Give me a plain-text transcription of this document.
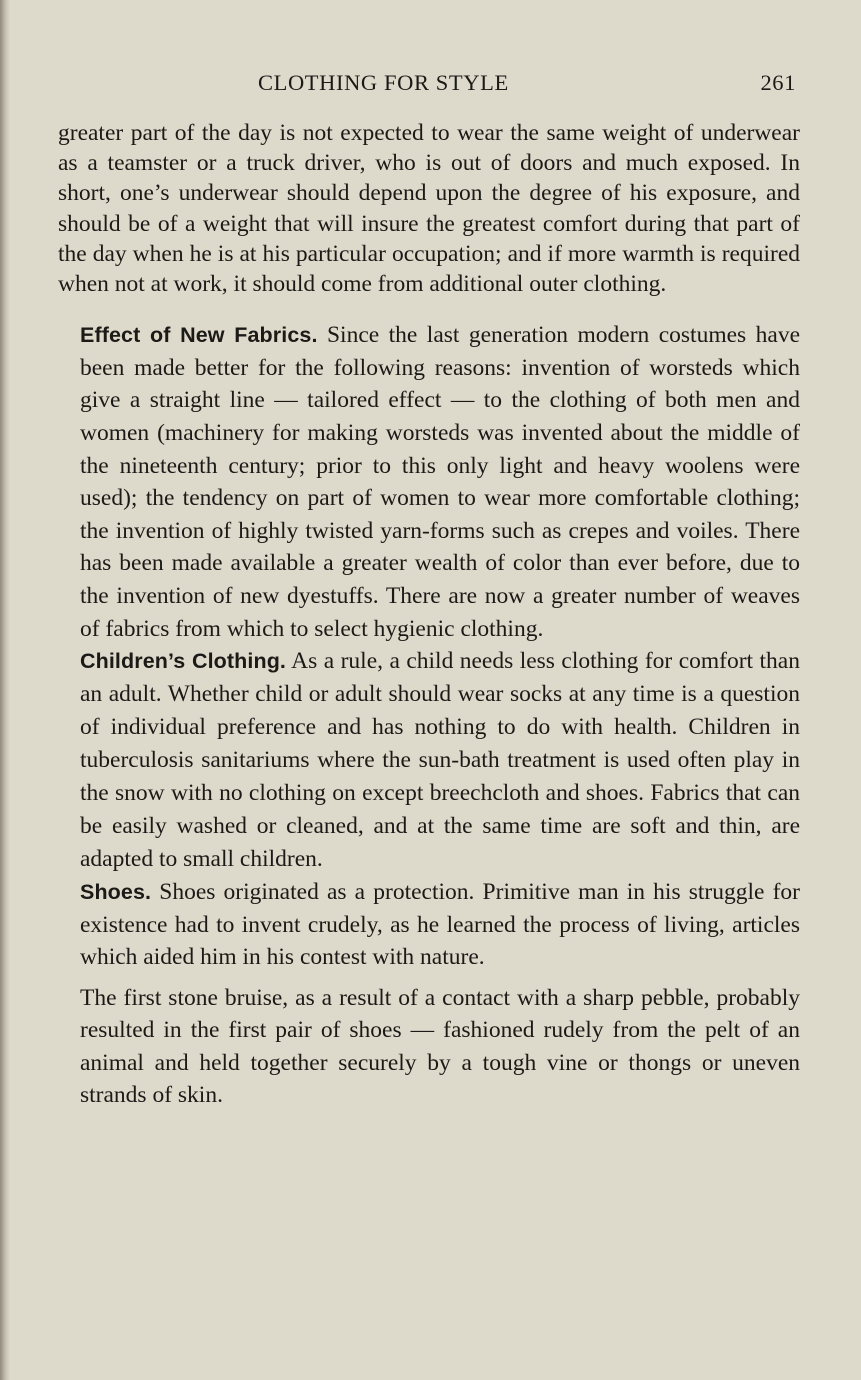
CLOTHING FOR STYLE	261

greater part of the day is not expected to wear the same weight of underwear as a teamster or a truck driver, who is out of doors and much exposed. In short, one’s underwear should depend upon the degree of his exposure, and should be of a weight that will insure the greatest comfort during that part of the day when he is at his particular occupation; and if more warmth is required when not at work, it should come from additional outer clothing.

Effect of New Fabrics. Since the last generation modern costumes have been made better for the following reasons: invention of worsteds which give a straight line — tailored effect — to the clothing of both men and women (machinery for making worsteds was invented about the middle of the nineteenth century; prior to this only light and heavy woolens were used); the tendency on part of women to wear more comfortable clothing; the invention of highly twisted yarn-forms such as crepes and voiles. There has been made available a greater wealth of color than ever before, due to the invention of new dyestuffs. There are now a greater number of weaves of fabrics from which to select hygienic clothing.

Children’s Clothing. As a rule, a child needs less clothing for comfort than an adult. Whether child or adult should wear socks at any time is a question of individual preference and has nothing to do with health. Children in tuberculosis sanitariums where the sun-bath treatment is used often play in the snow with no clothing on except breechcloth and shoes. Fabrics that can be easily washed or cleaned, and at the same time are soft and thin, are adapted to small children.

Shoes. Shoes originated as a protection. Primitive man in his struggle for existence had to invent crudely, as he learned the process of living, articles which aided him in his contest with nature.

The first stone bruise, as a result of a contact with a sharp pebble, probably resulted in the first pair of shoes — fashioned rudely from the pelt of an animal and held together securely by a tough vine or thongs or uneven strands of skin.
